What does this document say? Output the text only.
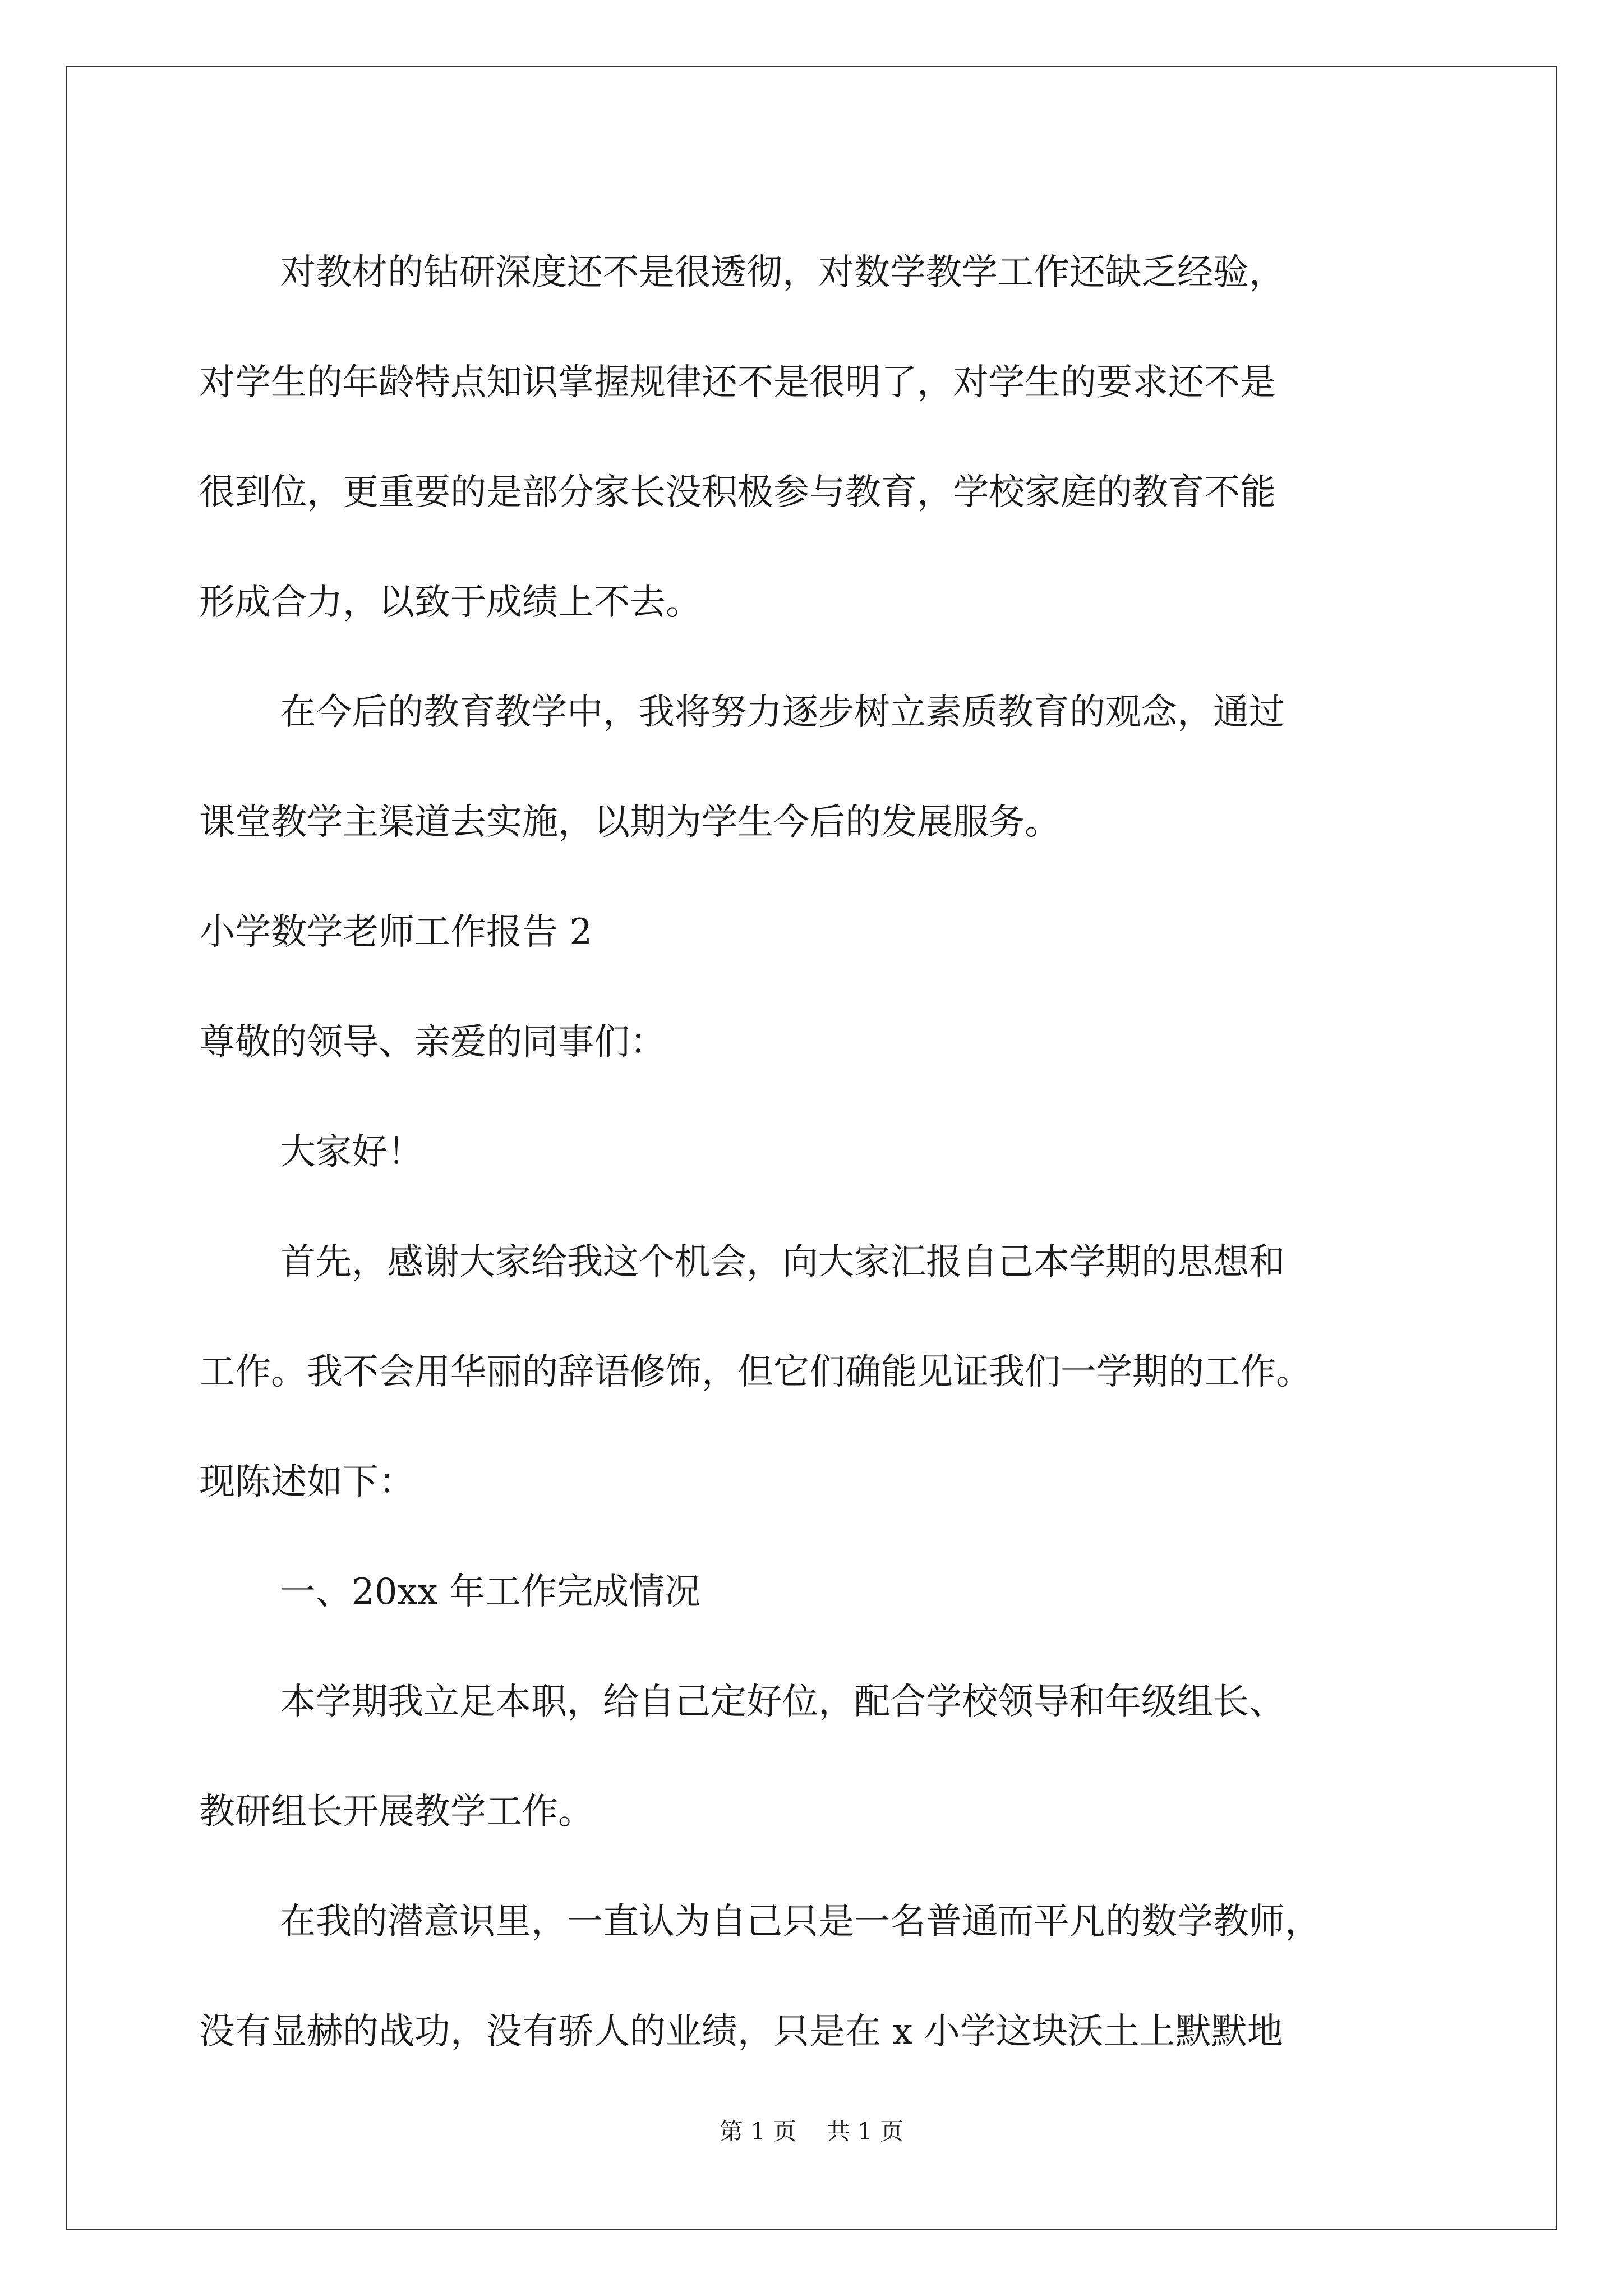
对教材的钻研深度还不是很透彻，对数学教学工作还缺乏经验，

对学生的年龄特点知识掌握规律还不是很明了，对学生的要求还不是

很到位，更重要的是部分家长没积极参与教育，学校家庭的教育不能

形成合力，以致于成绩上不去。

在今后的教育教学中，我将努力逐步树立素质教育的观念，通过

课堂教学主渠道去实施，以期为学生今后的发展服务。

小学数学老师工作报告 2

尊敬的领导、亲爱的同事们：

大家好！

首先，感谢大家给我这个机会，向大家汇报自己本学期的思想和

工作。我不会用华丽的辞语修饰，但它们确能见证我们一学期的工作。

现陈述如下：

一、20xx 年工作完成情况

本学期我立足本职，给自己定好位，配合学校领导和年级组长、

教研组长开展教学工作。

在我的潜意识里，一直认为自己只是一名普通而平凡的数学教师，

没有显赫的战功，没有骄人的业绩，只是在 x 小学这块沃土上默默地

第 1 页    共 1 页
